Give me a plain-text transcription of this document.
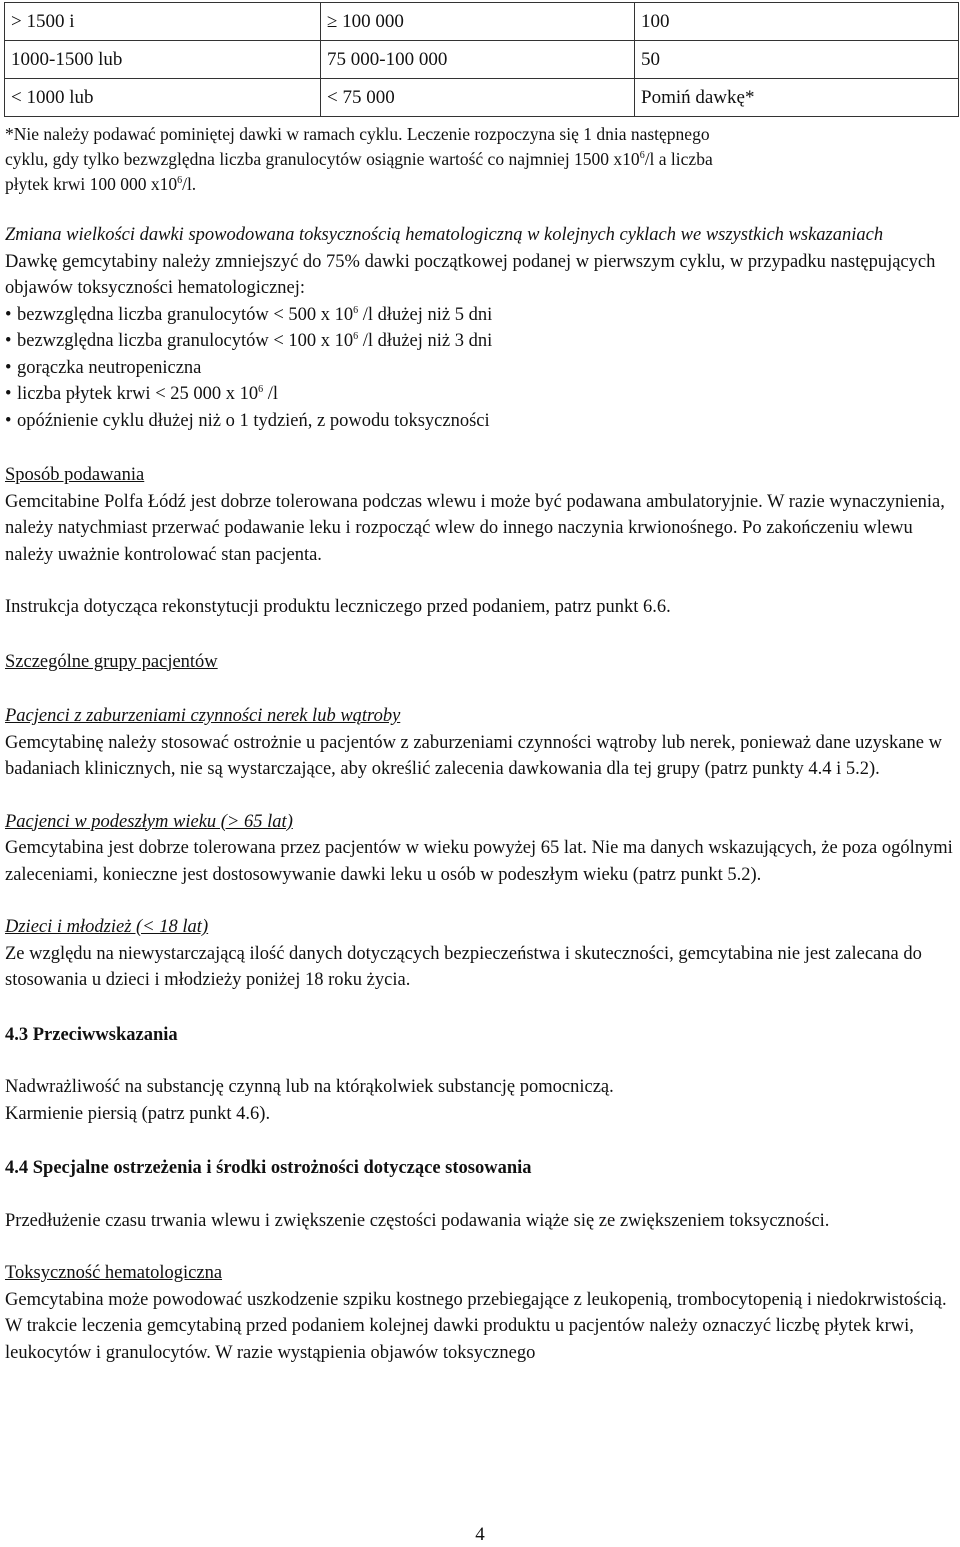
> 1500 i	≥ 100 000	100
1000-1500 lub	75 000-100 000	50
< 1000 lub	< 75 000	Pomiń dawkę*
*Nie należy podawać pominiętej dawki w ramach cyklu. Leczenie rozpoczyna się 1 dnia następnego
cyklu, gdy tylko bezwzględna liczba granulocytów osiągnie wartość co najmniej 1500 $x10^6/l$ a liczba
płytek krwi 100 000 $x10^6/l$.

Zmiana wielkości dawki spowodowana toksycznością hematologiczną w kolejnych cyklach we wszystkich wskazaniach

Dawkę gemcytabiny należy zmniejszyć do 75% dawki początkowej podanej w pierwszym cyklu, w przypadku następujących objawów toksyczności hematologicznej:

• bezwzględna liczba granulocytów < 500 x $10^6$ /l dłużej niż 5 dni

• bezwzględna liczba granulocytów < 100 x $10^6$ /l dłużej niż 3 dni

• gorączka neutropeniczna

• liczba płytek krwi < 25 000 x $10^6$ /l

• opóźnienie cyklu dłużej niż o 1 tydzień, z powodu toksyczności

Sposób podawania

Gemcitabine Polfa Łódź jest dobrze tolerowana podczas wlewu i może być podawana ambulatoryjnie. W razie wynaczynienia, należy natychmiast przerwać podawanie leku i rozpocząć wlew do innego naczynia krwionośnego. Po zakończeniu wlewu należy uważnie kontrolować stan pacjenta.

Instrukcja dotycząca rekonstytucji produktu leczniczego przed podaniem, patrz punkt 6.6.

Szczególne grupy pacjentów

Pacjenci z zaburzeniami czynności nerek lub wątroby

Gemcytabinę należy stosować ostrożnie u pacjentów z zaburzeniami czynności wątroby lub nerek, ponieważ dane uzyskane w badaniach klinicznych, nie są wystarczające, aby określić zalecenia dawkowania dla tej grupy (patrz punkty 4.4 i 5.2).

Pacjenci w podeszłym wieku (> 65 lat)

Gemcytabina jest dobrze tolerowana przez pacjentów w wieku powyżej 65 lat. Nie ma danych wskazujących, że poza ogólnymi zaleceniami, konieczne jest dostosowywanie dawki leku u osób w podeszłym wieku (patrz punkt 5.2).

Dzieci i młodzież (< 18 lat)

Ze względu na niewystarczającą ilość danych dotyczących bezpieczeństwa i skuteczności, gemcytabina nie jest zalecana do stosowania u dzieci i młodzieży poniżej 18 roku życia.

4.3 Przeciwwskazania

Nadwrażliwość na substancję czynną lub na którąkolwiek substancję pomocniczą.

Karmienie piersią (patrz punkt 4.6).

4.4 Specjalne ostrzeżenia i środki ostrożności dotyczące stosowania

Przedłużenie czasu trwania wlewu i zwiększenie częstości podawania wiąże się ze zwiększeniem toksyczności.

Toksyczność hematologiczna

Gemcytabina może powodować uszkodzenie szpiku kostnego przebiegające z leukopenią, trombocytopenią i niedokrwistością.

W trakcie leczenia gemcytabiną przed podaniem kolejnej dawki produktu u pacjentów należy oznaczyć liczbę płytek krwi, leukocytów i granulocytów. W razie wystąpienia objawów toksycznego

4
